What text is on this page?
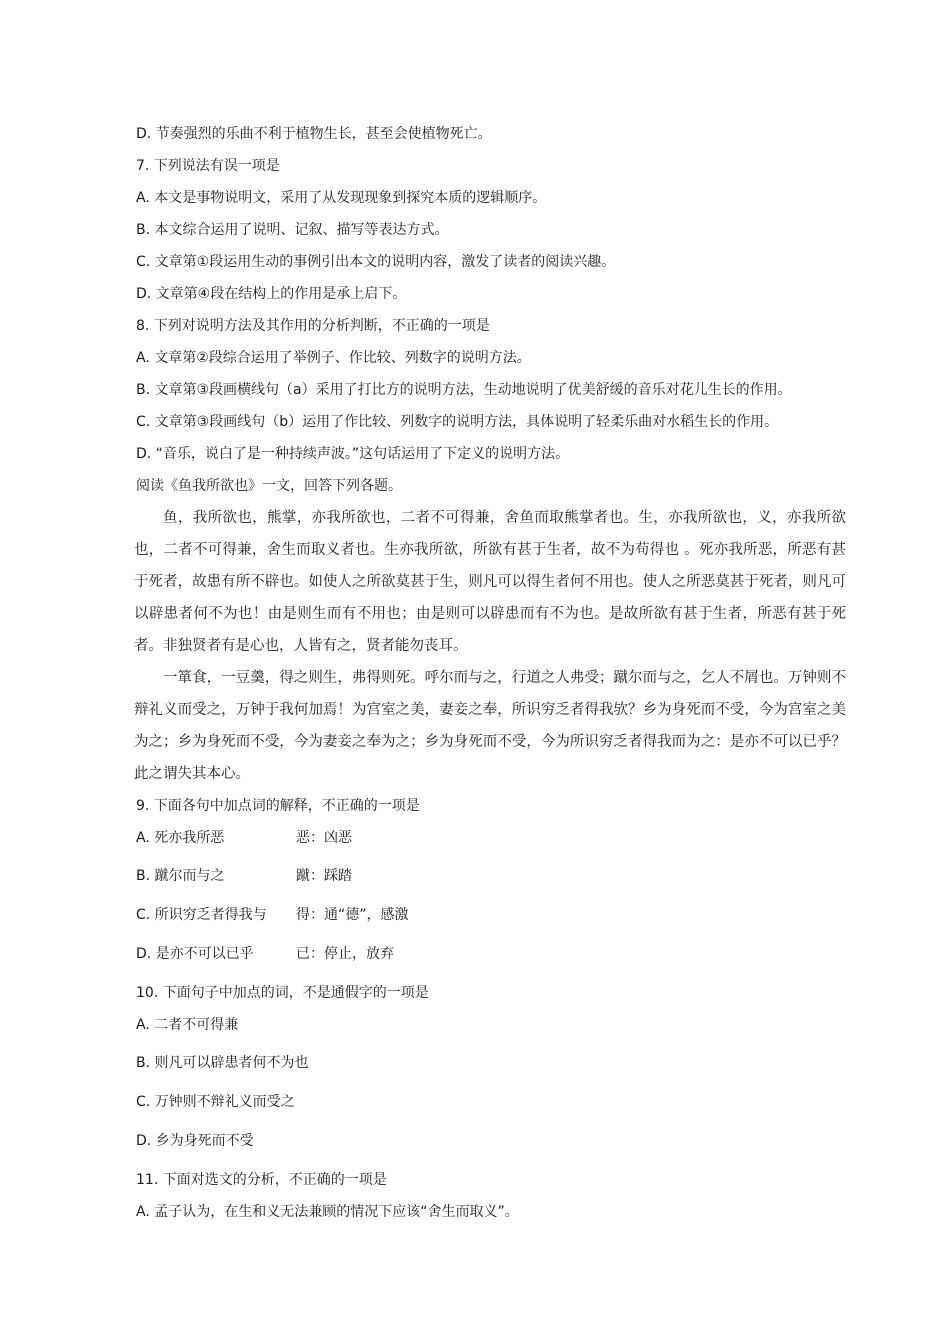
D. 节奏强烈的乐曲不利于植物生长，甚至会使植物死亡。
7. 下列说法有误一项是
A. 本文是事物说明文，采用了从发现现象到探究本质的逻辑顺序。
B. 本文综合运用了说明、记叙、描写等表达方式。
C. 文章第①段运用生动的事例引出本文的说明内容，激发了读者的阅读兴趣。
D. 文章第④段在结构上的作用是承上启下。
8. 下列对说明方法及其作用的分析判断，不正确的一项是
A. 文章第②段综合运用了举例子、作比较、列数字的说明方法。
B. 文章第③段画横线句（a）采用了打比方的说明方法，生动地说明了优美舒缓的音乐对花儿生长的作用。
C. 文章第③段画线句（b）运用了作比较、列数字的说明方法，具体说明了轻柔乐曲对水稻生长的作用。
D. “音乐，说白了是一种持续声波。”这句话运用了下定义的说明方法。
阅读《鱼我所欲也》一文，回答下列各题。
鱼，我所欲也，熊掌，亦我所欲也，二者不可得兼，舍鱼而取熊掌者也。生，亦我所欲也，义，亦我所欲也，二者不可得兼，舍生而取义者也。生亦我所欲，所欲有甚于生者，故不为苟得也 。死亦我所恶，所恶有甚于死者，故患有所不辟也。如使人之所欲莫甚于生，则凡可以得生者何不用也。使人之所恶莫甚于死者，则凡可以辟患者何不为也！由是则生而有不用也；由是则可以辟患而有不为也。是故所欲有甚于生者，所恶有甚于死者。非独贤者有是心也，人皆有之，贤者能勿丧耳。
一箪食，一豆羹，得之则生，弗得则死。呼尔而与之，行道之人弗受；蹴尔而与之，乞人不屑也。万钟则不辩礼义而受之，万钟于我何加焉！为宫室之美，妻妾之奉，所识穷乏者得我欤？乡为身死而不受，今为宫室之美为之；乡为身死而不受，今为妻妾之奉为之；乡为身死而不受，今为所识穷乏者得我而为之：是亦不可以已乎？此之谓失其本心。
9. 下面各句中加点词的解释，不正确的一项是
A. 死亦我所恶	恶：凶恶
B. 蹴尔而与之	蹴：踩踏
C. 所识穷乏者得我与 得：通“德”，感激
D. 是亦不可以已乎	已：停止，放弃
10. 下面句子中加点的词，不是通假字的一项是
A. 二者不可得兼
B. 则凡可以辟患者何不为也
C. 万钟则不辩礼义而受之
D. 乡为身死而不受
11. 下面对选文的分析，不正确的一项是
A. 孟子认为，在生和义无法兼顾的情况下应该“舍生而取义”。
